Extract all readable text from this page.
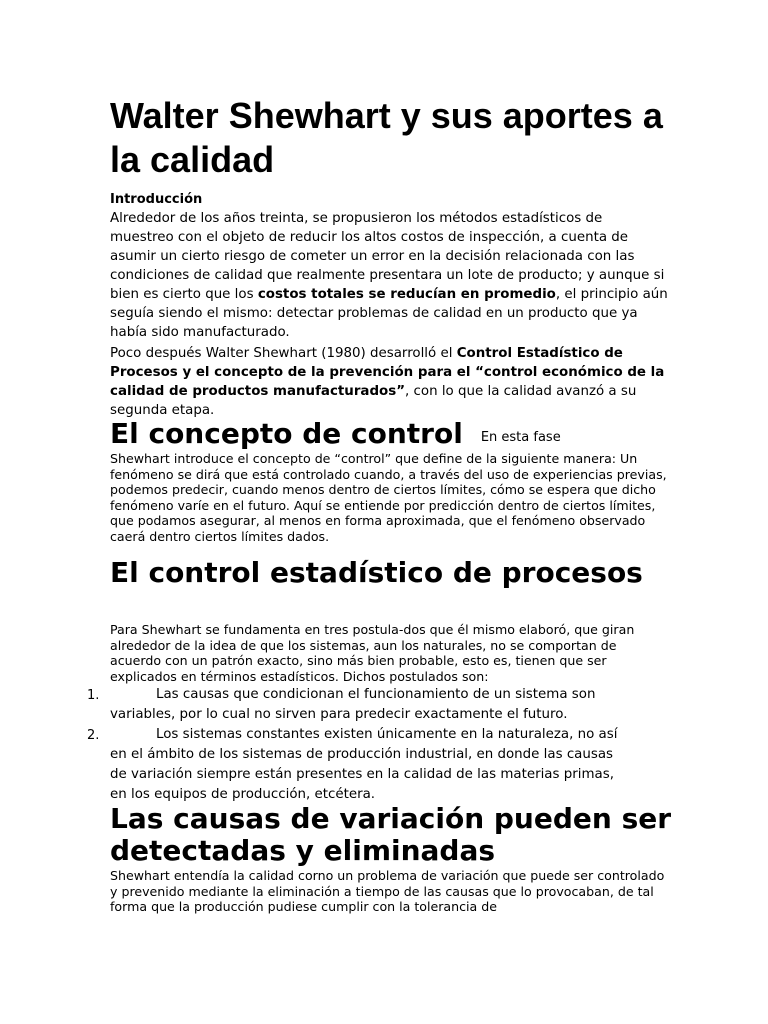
Walter Shewhart y sus aportes a la calidad
Introducción

Alrededor de los años treinta, se propusieron los métodos estadísticos de muestreo con el objeto de reducir los altos costos de inspección, a cuenta de asumir un cierto riesgo de cometer un error en la decisión relacionada con las condiciones de calidad que realmente presentara un lote de producto; y aunque si bien es cierto que los costos totales se reducían en promedio, el principio aún seguía siendo el mismo: detectar problemas de calidad en un producto que ya había sido manufacturado.

Poco después Walter Shewhart (1980) desarrolló el Control Estadístico de Procesos y el concepto de la prevención para el “control económico de la calidad de productos manufacturados”, con lo que la calidad avanzó a su segunda etapa.

El concepto de control En esta fase

Shewhart introduce el concepto de “control” que define de la siguiente manera: Un fenómeno se dirá que está controlado cuando, a través del uso de experiencias previas, podemos predecir, cuando menos dentro de ciertos límites, cómo se espera que dicho fenómeno varíe en el futuro. Aquí se entiende por predicción dentro de ciertos límites, que podamos asegurar, al menos en forma aproximada, que el fenómeno observado caerá dentro ciertos límites dados.

El control estadístico de procesos

Para Shewhart se fundamenta en tres postula-dos que él mismo elaboró, que giran alrededor de la idea de que los sistemas, aun los naturales, no se comportan de acuerdo con un patrón exacto, sino más bien probable, esto es, tienen que ser explicados en términos estadísticos. Dichos postulados son:

1.	Las causas que condicionan el funcionamiento de un sistema son variables, por lo cual no sirven para predecir exactamente el futuro.

2.	Los sistemas constantes existen únicamente en la naturaleza, no así en el ámbito de los sistemas de producción industrial, en donde las causas de variación siempre están presentes en la calidad de las materias primas, en los equipos de producción, etcétera.

Las causas de variación pueden ser detectadas y eliminadas

Shewhart entendía la calidad corno un problema de variación que puede ser controlado y prevenido mediante la eliminación a tiempo de las causas que lo provocaban, de tal forma que la producción pudiese cumplir con la tolerancia de
